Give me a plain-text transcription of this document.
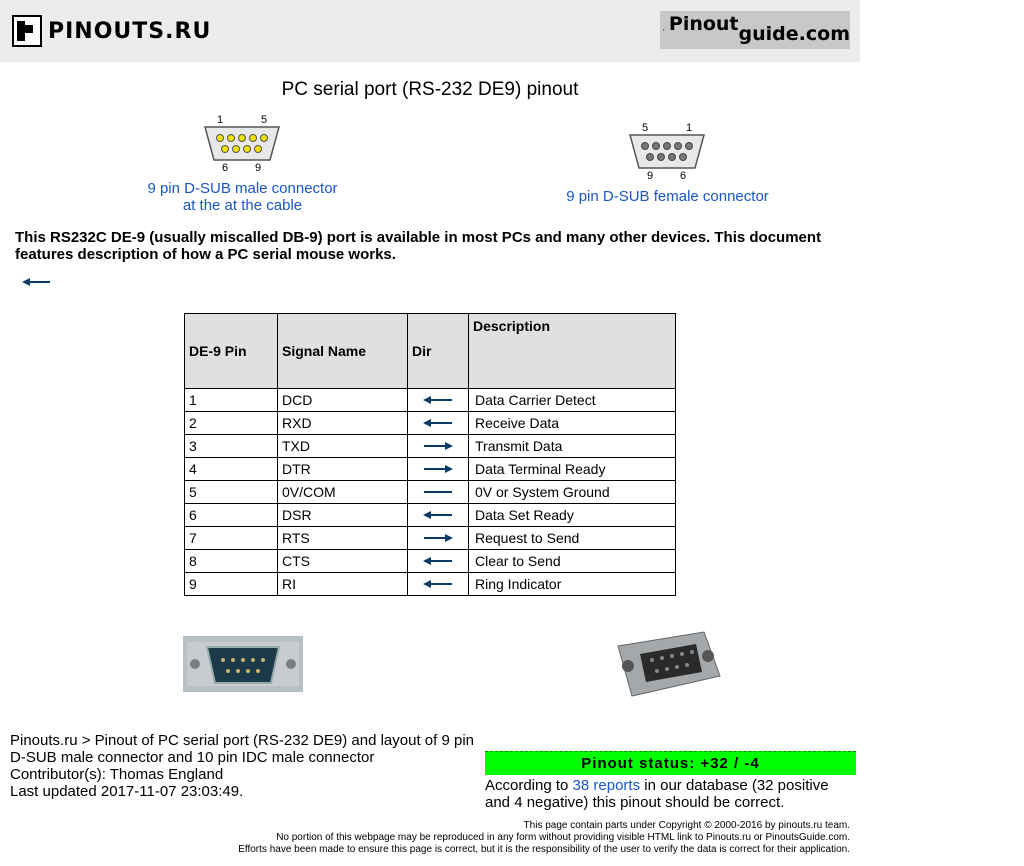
PINOUTS.RU	Pinout guide.com
PC serial port (RS-232 DE9) pinout
1	5
6 9
9 pin D-SUB male connector
at the at the cable
5	1
9 6
9 pin D-SUB female connector
This RS232C DE-9 (usually miscalled DB-9) port is available in most PCs and many other devices. This document features description of how a PC serial mouse works.
DE-9 Pin	Signal Name	Dir	Description
1	DCD		Data Carrier Detect
2	RXD		Receive Data
3	TXD		Transmit Data
4	DTR		Data Terminal Ready
5	0V/COM		0V or System Ground
6	DSR		Data Set Ready
7	RTS		Request to Send
8	CTS		Clear to Send
9	RI		Ring Indicator
Pinouts.ru > Pinout of PC serial port (RS-232 DE9) and layout of 9 pin D-SUB male connector and 10 pin IDC male connector
Contributor(s): Thomas England
Last updated 2017-11-07 23:03:49.
Pinout status: +32 / -4
According to 38 reports in our database (32 positive and 4 negative) this pinout should be correct.
This page contain parts under Copyright © 2000-2016 by pinouts.ru team.
No portion of this webpage may be reproduced in any form without providing visible HTML link to Pinouts.ru or PinoutsGuide.com.
Efforts have been made to ensure this page is correct, but it is the responsibility of the user to verify the data is correct for their application.
